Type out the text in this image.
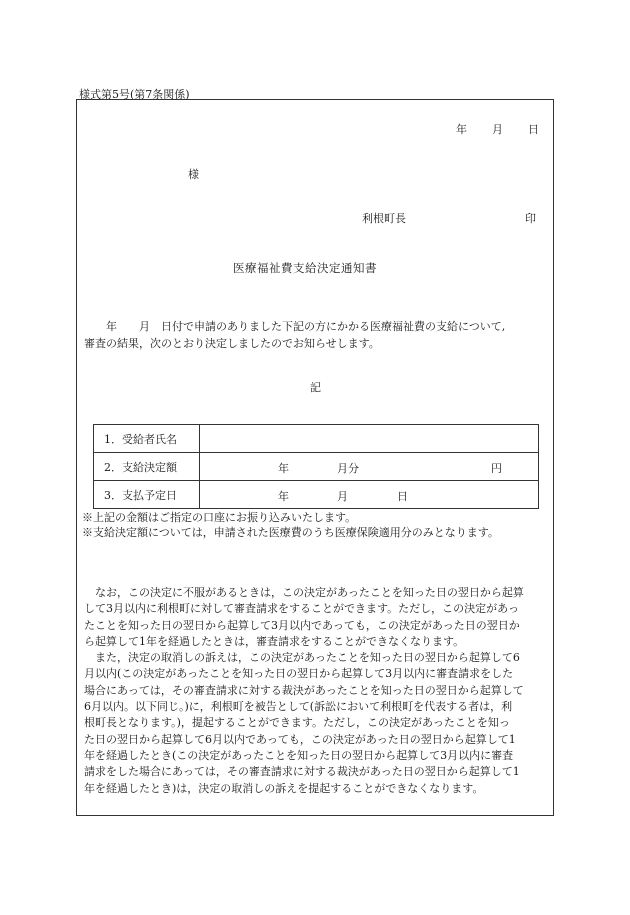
様式第5号(第7条関係)
年 月 日
様
利根町長	印
医療福祉費支給決定通知書
　　年　　月　日付で申請のありました下記の方にかかる医療福祉費の支給について,
審査の結果，次のとおり決定しましたのでお知らせします。
記
1．受給者氏名	
2．支給決定額	年 月分 円

3．支払予定日	年 月 日
※上記の金額はご指定の口座にお振り込みいたします。
※支給決定額については，申請された医療費のうち医療保険適用分のみとなります。
　なお，この決定に不服があるときは，この決定があったことを知った日の翌日から起算
して3月以内に利根町に対して審査請求をすることができます。ただし，この決定があっ
たことを知った日の翌日から起算して3月以内であっても，この決定があった日の翌日か
ら起算して1年を経過したときは，審査請求をすることができなくなります。
　また，決定の取消しの訴えは，この決定があったことを知った日の翌日から起算して6
月以内(この決定があったことを知った日の翌日から起算して3月以内に審査請求をした
場合にあっては，その審査請求に対する裁決があったことを知った日の翌日から起算して
6月以内。以下同じ。)に，利根町を被告として(訴訟において利根町を代表する者は，利
根町長となります。)，提起することができます。ただし，この決定があったことを知っ
た日の翌日から起算して6月以内であっても，この決定があった日の翌日から起算して1
年を経過したとき(この決定があったことを知った日の翌日から起算して3月以内に審査
請求をした場合にあっては，その審査請求に対する裁決があった日の翌日から起算して1
年を経過したとき)は，決定の取消しの訴えを提起することができなくなります。
